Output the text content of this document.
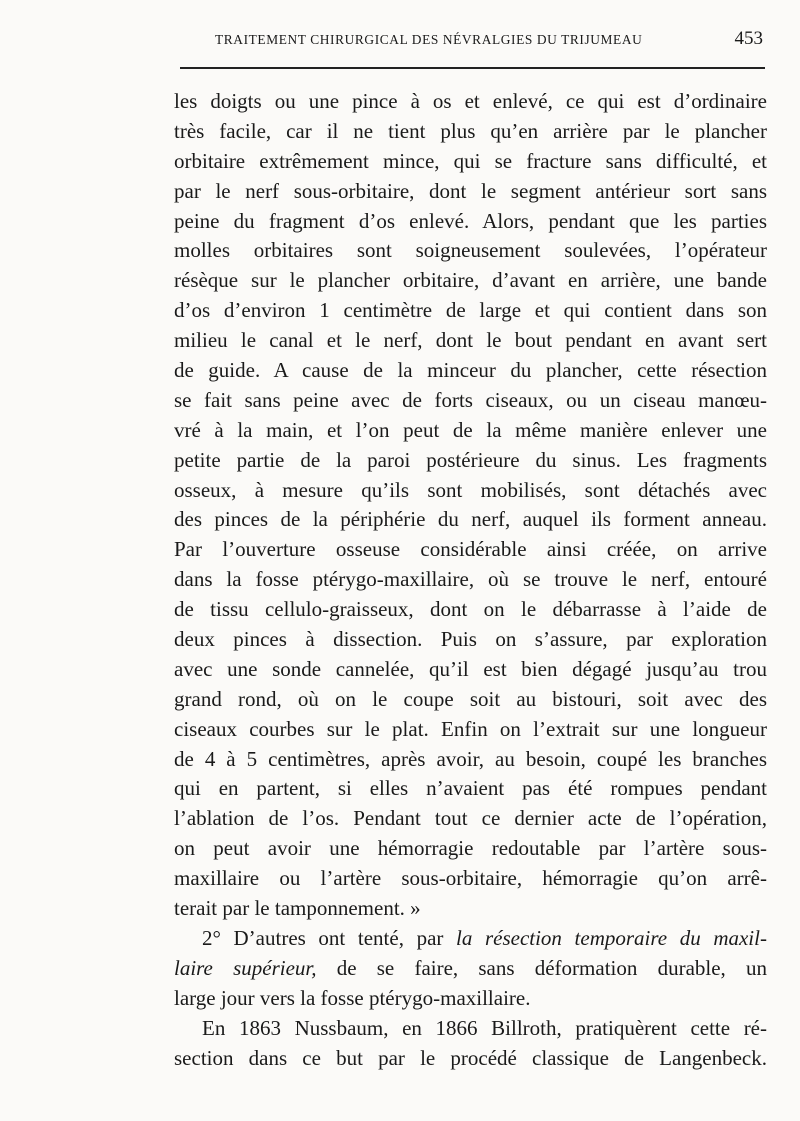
TRAITEMENT CHIRURGICAL DES NÉVRALGIES DU TRIJUMEAU	453
les doigts ou une pince à os et enlevé, ce qui est d’ordinaire
très facile, car il ne tient plus qu’en arrière par le plancher
orbitaire extrêmement mince, qui se fracture sans difficulté, et
par le nerf sous-orbitaire, dont le segment antérieur sort sans
peine du fragment d’os enlevé. Alors, pendant que les parties
molles orbitaires sont soigneusement soulevées, l’opérateur
résèque sur le plancher orbitaire, d’avant en arrière, une bande
d’os d’environ 1 centimètre de large et qui contient dans son
milieu le canal et le nerf, dont le bout pendant en avant sert
de guide. A cause de la minceur du plancher, cette résection
se fait sans peine avec de forts ciseaux, ou un ciseau manœu-
vré à la main, et l’on peut de la même manière enlever une
petite partie de la paroi postérieure du sinus. Les fragments
osseux, à mesure qu’ils sont mobilisés, sont détachés avec
des pinces de la périphérie du nerf, auquel ils forment anneau.
Par l’ouverture osseuse considérable ainsi créée, on arrive
dans la fosse ptérygo-maxillaire, où se trouve le nerf, entouré
de tissu cellulo-graisseux, dont on le débarrasse à l’aide de
deux pinces à dissection. Puis on s’assure, par exploration
avec une sonde cannelée, qu’il est bien dégagé jusqu’au trou
grand rond, où on le coupe soit au bistouri, soit avec des
ciseaux courbes sur le plat. Enfin on l’extrait sur une longueur
de 4 à 5 centimètres, après avoir, au besoin, coupé les branches
qui en partent, si elles n’avaient pas été rompues pendant
l’ablation de l’os. Pendant tout ce dernier acte de l’opération,
on peut avoir une hémorragie redoutable par l’artère sous-
maxillaire ou l’artère sous-orbitaire, hémorragie qu’on arrê-
terait par le tamponnement. »
2° D’autres ont tenté, par la résection temporaire du maxil-
laire supérieur, de se faire, sans déformation durable, un
large jour vers la fosse ptérygo-maxillaire.
En 1863 Nussbaum, en 1866 Billroth, pratiquèrent cette ré-
section dans ce but par le procédé classique de Langenbeck.
